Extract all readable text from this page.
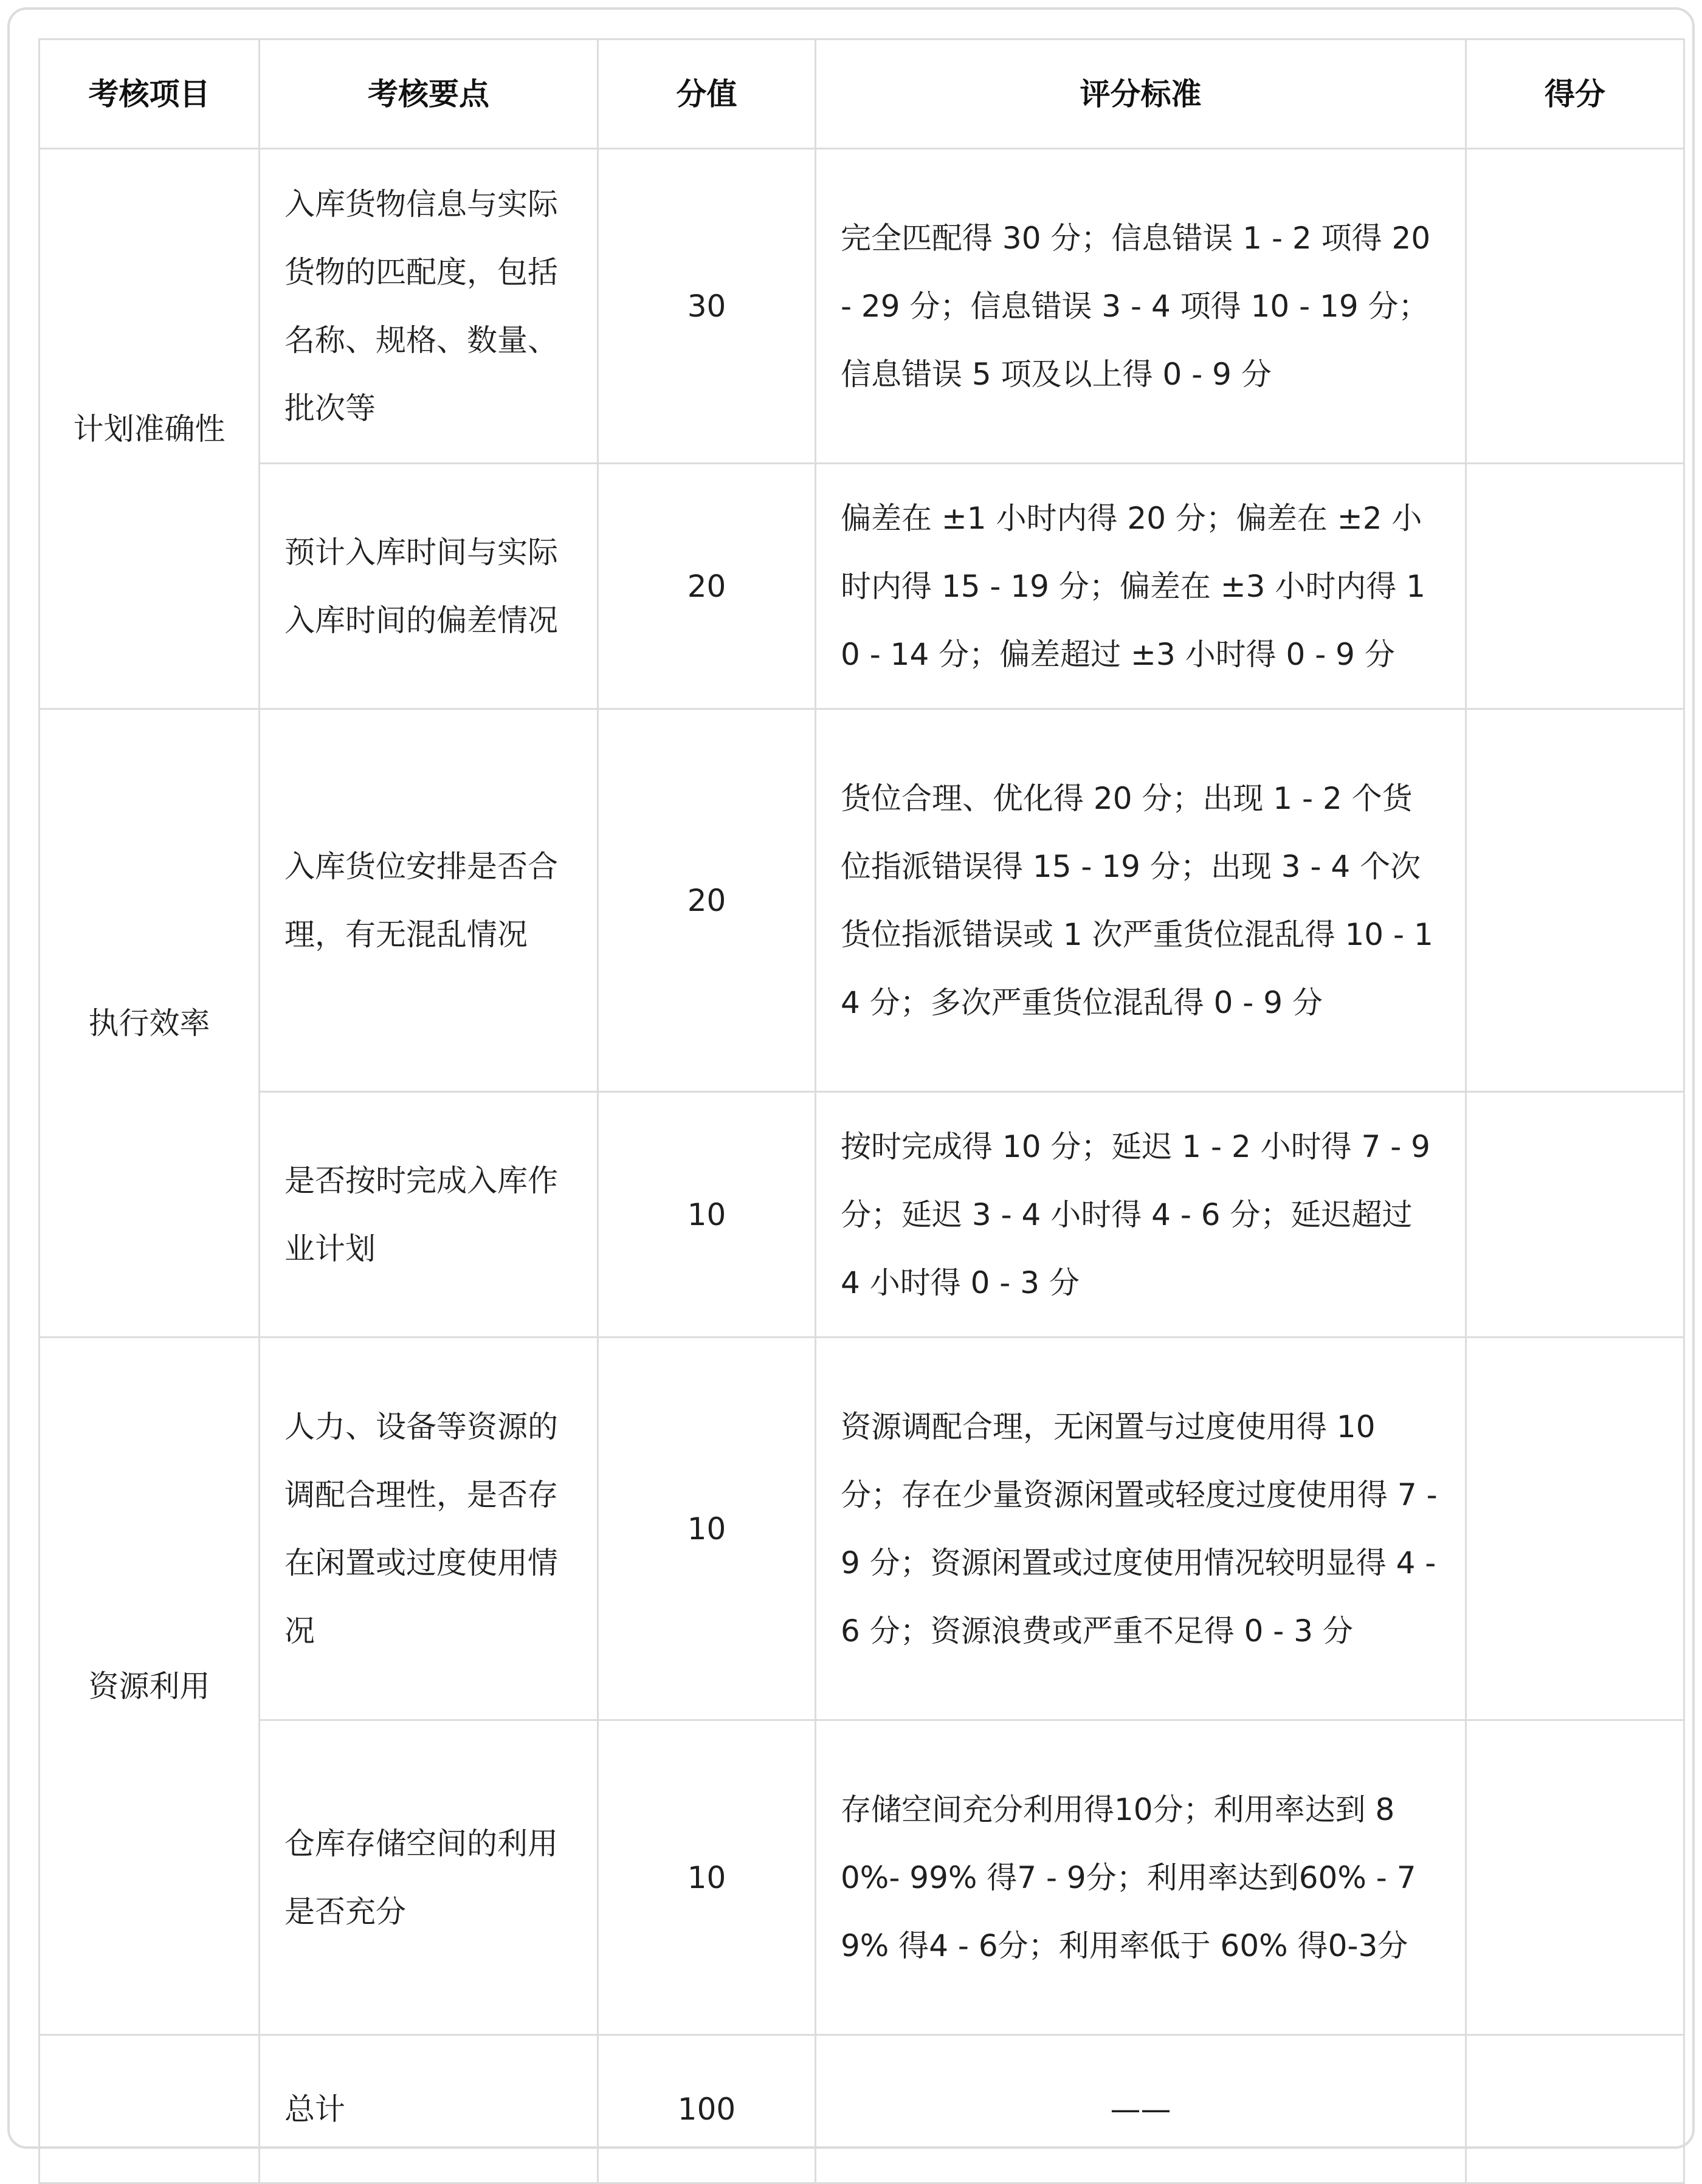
考核项目	考核要点	分值	评分标准	得分
计划准确性	入库货物信息与实际货物的匹配度，包括名称、规格、数量、批次等	30	完全匹配得 30 分；信息错误 1 - 2 项得 20 - 29 分；信息错误 3 - 4 项得 10 - 19 分；信息错误 5 项及以上得 0 - 9 分	
	预计入库时间与实际入库时间的偏差情况	20	偏差在 ±1 小时内得 20 分；偏差在 ±2 小时内得 15 - 19 分；偏差在 ±3 小时内得 10 - 14 分；偏差超过 ±3 小时得 0 - 9 分	
执行效率	入库货位安排是否合理，有无混乱情况	20	货位合理、优化得 20 分；出现 1 - 2 个货位指派错误得 15 - 19 分；出现 3 - 4 个次货位指派错误或 1 次严重货位混乱得 10 - 14 分；多次严重货位混乱得 0 - 9 分	
	是否按时完成入库作业计划	10	按时完成得 10 分；延迟 1 - 2 小时得 7 - 9 分；延迟 3 - 4 小时得 4 - 6 分；延迟超过 4 小时得 0 - 3 分	
资源利用	人力、设备等资源的调配合理性，是否存在闲置或过度使用情况	10	资源调配合理，无闲置与过度使用得 10 分；存在少量资源闲置或轻度过度使用得 7 - 9 分；资源闲置或过度使用情况较明显得 4 - 6 分；资源浪费或严重不足得 0 - 3 分	
	仓库存储空间的利用是否充分	10	存储空间充分利用得10分；利用率达到 80%- 99% 得7 - 9分；利用率达到60% - 79% 得4 - 6分；利用率低于 60% 得0-3分	
	总计	100	——	
